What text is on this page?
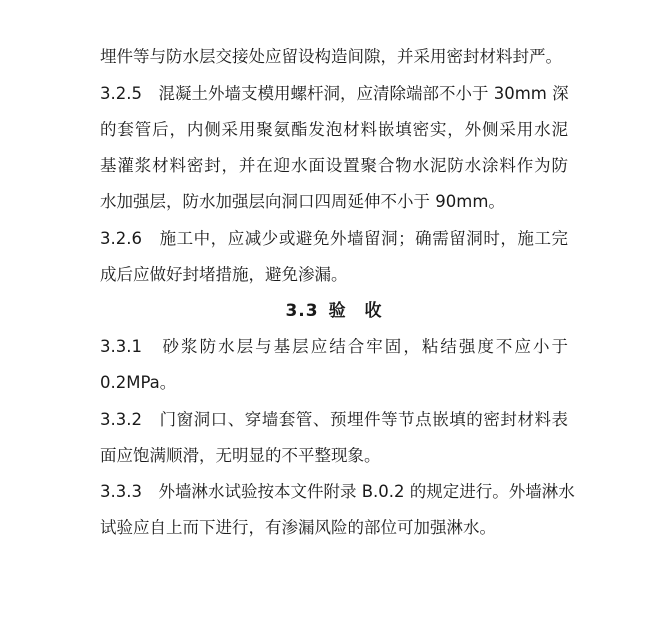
埋件等与防水层交接处应留设构造间隙，并采用密封材料封严。
3.2.5　混凝土外墙支模用螺杆洞，应清除端部不小于 30mm 深
的套管后，内侧采用聚氨酯发泡材料嵌填密实，外侧采用水泥
基灌浆材料密封，并在迎水面设置聚合物水泥防水涂料作为防
水加强层，防水加强层向洞口四周延伸不小于 90mm。
3.2.6　施工中，应减少或避免外墙留洞；确需留洞时，施工完
成后应做好封堵措施，避免渗漏。
3.3 验　收
3.3.1　砂浆防水层与基层应结合牢固，粘结强度不应小于
0.2MPa。
3.3.2　门窗洞口、穿墙套管、预埋件等节点嵌填的密封材料表
面应饱满顺滑，无明显的不平整现象。
3.3.3　外墙淋水试验按本文件附录 B.0.2 的规定进行。外墙淋水
试验应自上而下进行，有渗漏风险的部位可加强淋水。
